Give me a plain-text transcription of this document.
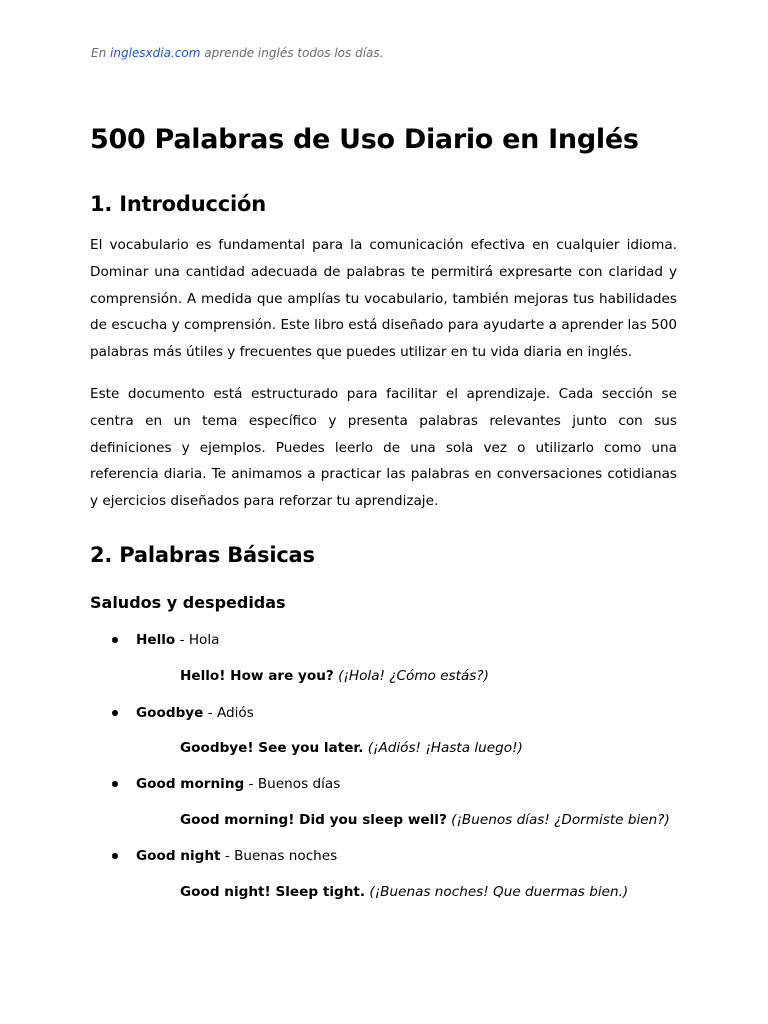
En inglesxdia.com aprende inglés todos los días.
500 Palabras de Uso Diario en Inglés
1. Introducción

El vocabulario es fundamental para la comunicación efectiva en cualquier idioma. Dominar una cantidad adecuada de palabras te permitirá expresarte con claridad y comprensión. A medida que amplías tu vocabulario, también mejoras tus habilidades de escucha y comprensión. Este libro está diseñado para ayudarte a aprender las 500 palabras más útiles y frecuentes que puedes utilizar en tu vida diaria en inglés.

Este documento está estructurado para facilitar el aprendizaje. Cada sección se centra en un tema específico y presenta palabras relevantes junto con sus definiciones y ejemplos. Puedes leerlo de una sola vez o utilizarlo como una referencia diaria. Te animamos a practicar las palabras en conversaciones cotidianas y ejercicios diseñados para reforzar tu aprendizaje.

2. Palabras Básicas
Saludos y despedidas
Hello - Hola
Hello! How are you? (¡Hola! ¿Cómo estás?)
Goodbye - Adiós
Goodbye! See you later. (¡Adiós! ¡Hasta luego!)
Good morning - Buenos días
Good morning! Did you sleep well? (¡Buenos días! ¿Dormiste bien?)
Good night - Buenas noches
Good night! Sleep tight. (¡Buenas noches! Que duermas bien.)
